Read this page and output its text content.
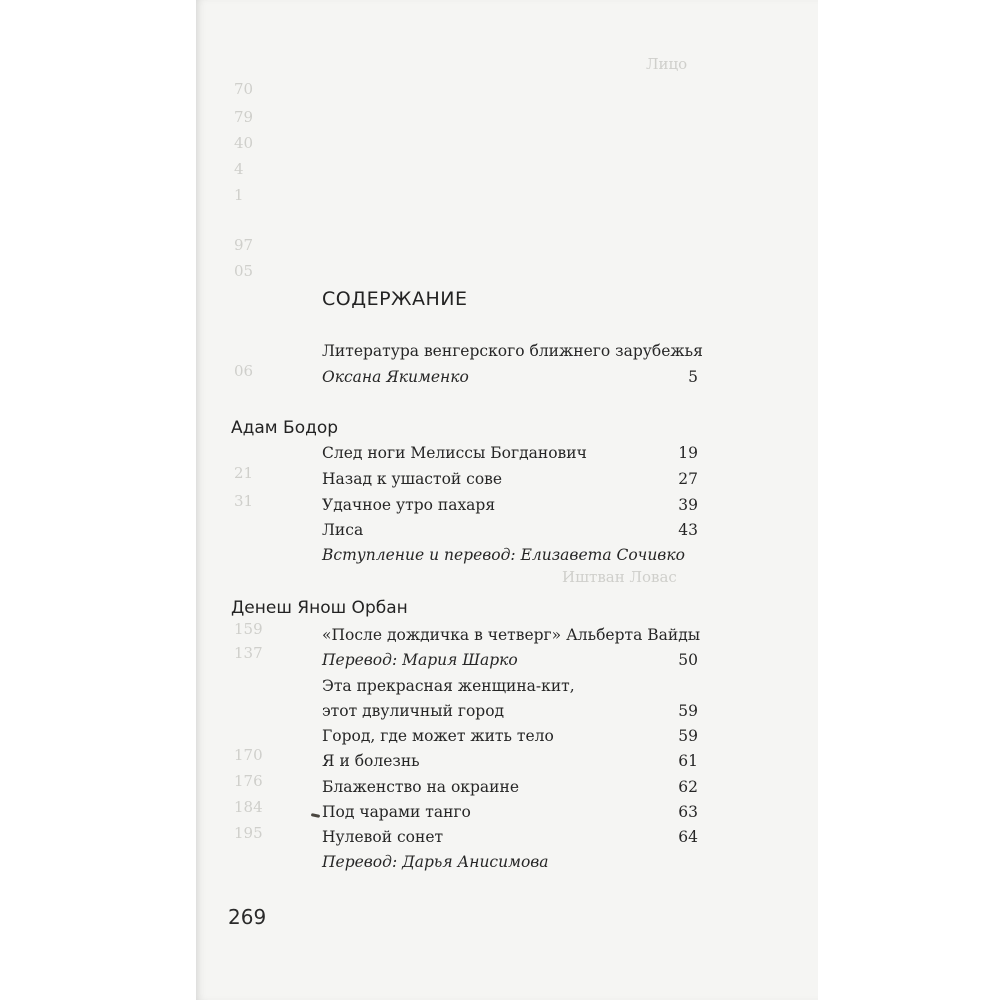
Лицо
70
79
40
4
1
97
05
06
21
31
159
137
170
176
184
195
Иштван Ловас
СОДЕРЖАНИЕ
Литература венгерского ближнего зарубежья
Оксана Якименко	5
Адам Бодор
След ноги Мелиссы Богданович	19
Назад к ушастой сове	27
Удачное утро пахаря	39
Лиса	43
Вступление и перевод: Елизавета Сочивко
Денеш Янош Орбан
«После дождичка в четверг» Альберта Вайды
Перевод: Мария Шарко	50
Эта прекрасная женщина-кит,
этот двуличный город	59
Город, где может жить тело	59
Я и болезнь	61
Блаженство на окраине	62
Под чарами танго	63
Нулевой сонет	64
Перевод: Дарья Анисимова
269
